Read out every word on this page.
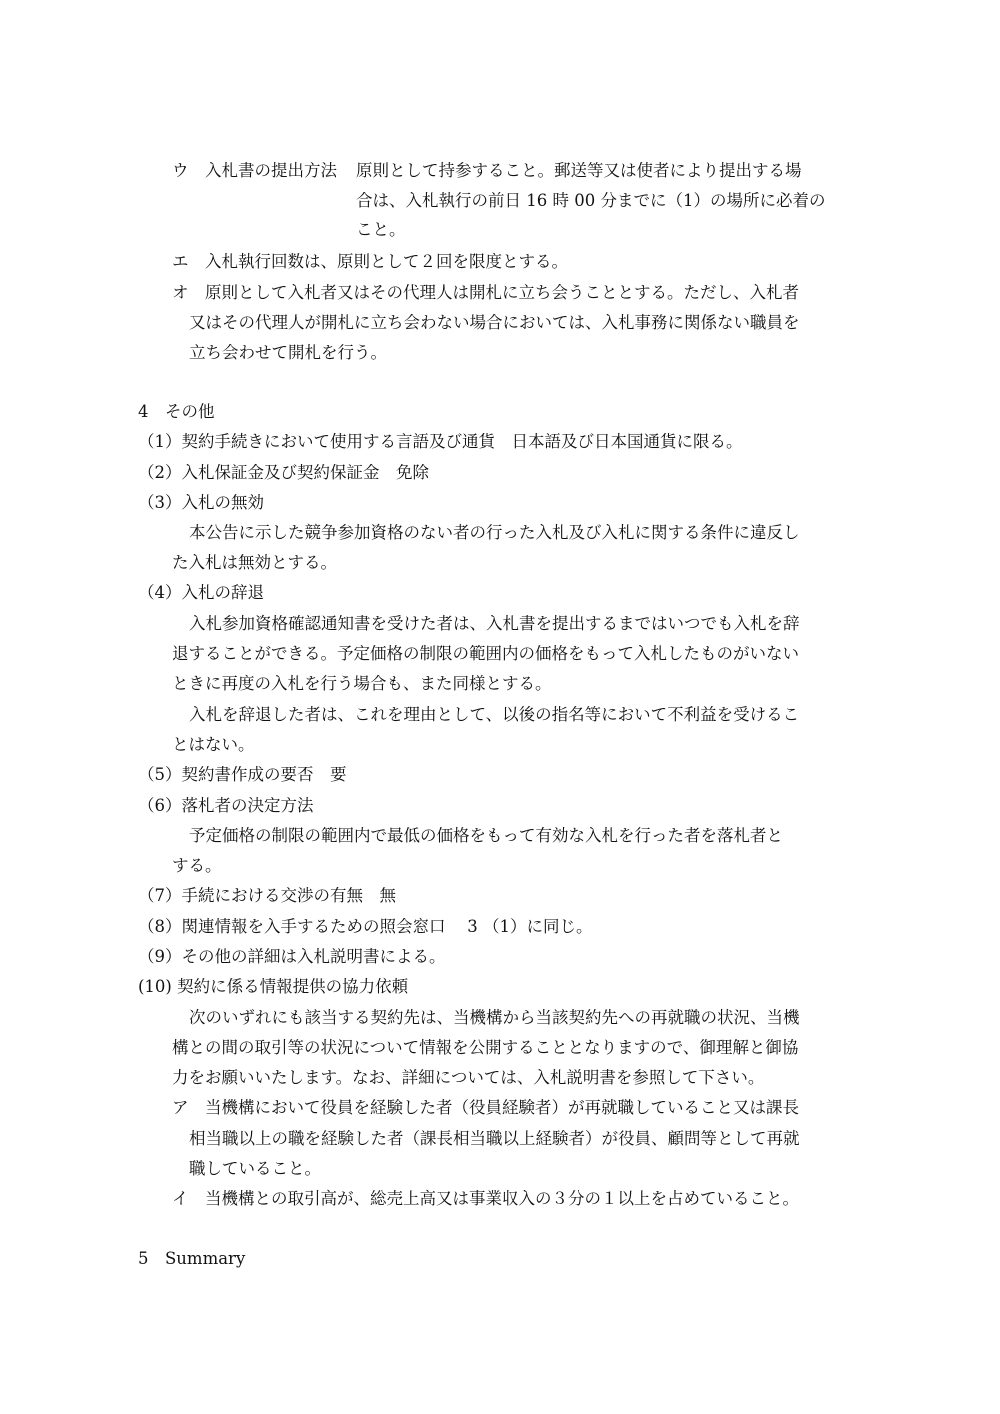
ウ　入札書の提出方法 原則として持参すること。郵送等又は使者により提出する場
合は、入札執行の前日 16 時 00 分までに（1）の場所に必着の
こと。
エ　入札執行回数は、原則として２回を限度とする。
オ　原則として入札者又はその代理人は開札に立ち会うこととする。ただし、入札者
又はその代理人が開札に立ち会わない場合においては、入札事務に関係ない職員を
立ち会わせて開札を行う。
4　その他
（1）契約手続きにおいて使用する言語及び通貨　日本語及び日本国通貨に限る。
（2）入札保証金及び契約保証金　免除
（3）入札の無効
本公告に示した競争参加資格のない者の行った入札及び入札に関する条件に違反し
た入札は無効とする。
（4）入札の辞退
入札参加資格確認通知書を受けた者は、入札書を提出するまではいつでも入札を辞
退することができる。予定価格の制限の範囲内の価格をもって入札したものがいない
ときに再度の入札を行う場合も、また同様とする。
入札を辞退した者は、これを理由として、以後の指名等において不利益を受けるこ
とはない。
（5）契約書作成の要否　要
（6）落札者の決定方法
予定価格の制限の範囲内で最低の価格をもって有効な入札を行った者を落札者と
する。
（7）手続における交渉の有無　無
（8）関連情報を入手するための照会窓口　 3 （1）に同じ。
（9）その他の詳細は入札説明書による。
(10) 契約に係る情報提供の協力依頼
次のいずれにも該当する契約先は、当機構から当該契約先への再就職の状況、当機
構との間の取引等の状況について情報を公開することとなりますので、御理解と御協
力をお願いいたします。なお、詳細については、入札説明書を参照して下さい。
ア　当機構において役員を経験した者（役員経験者）が再就職していること又は課長
相当職以上の職を経験した者（課長相当職以上経験者）が役員、顧問等として再就
職していること。
イ　当機構との取引高が、総売上高又は事業収入の３分の１以上を占めていること。
5　Summary
